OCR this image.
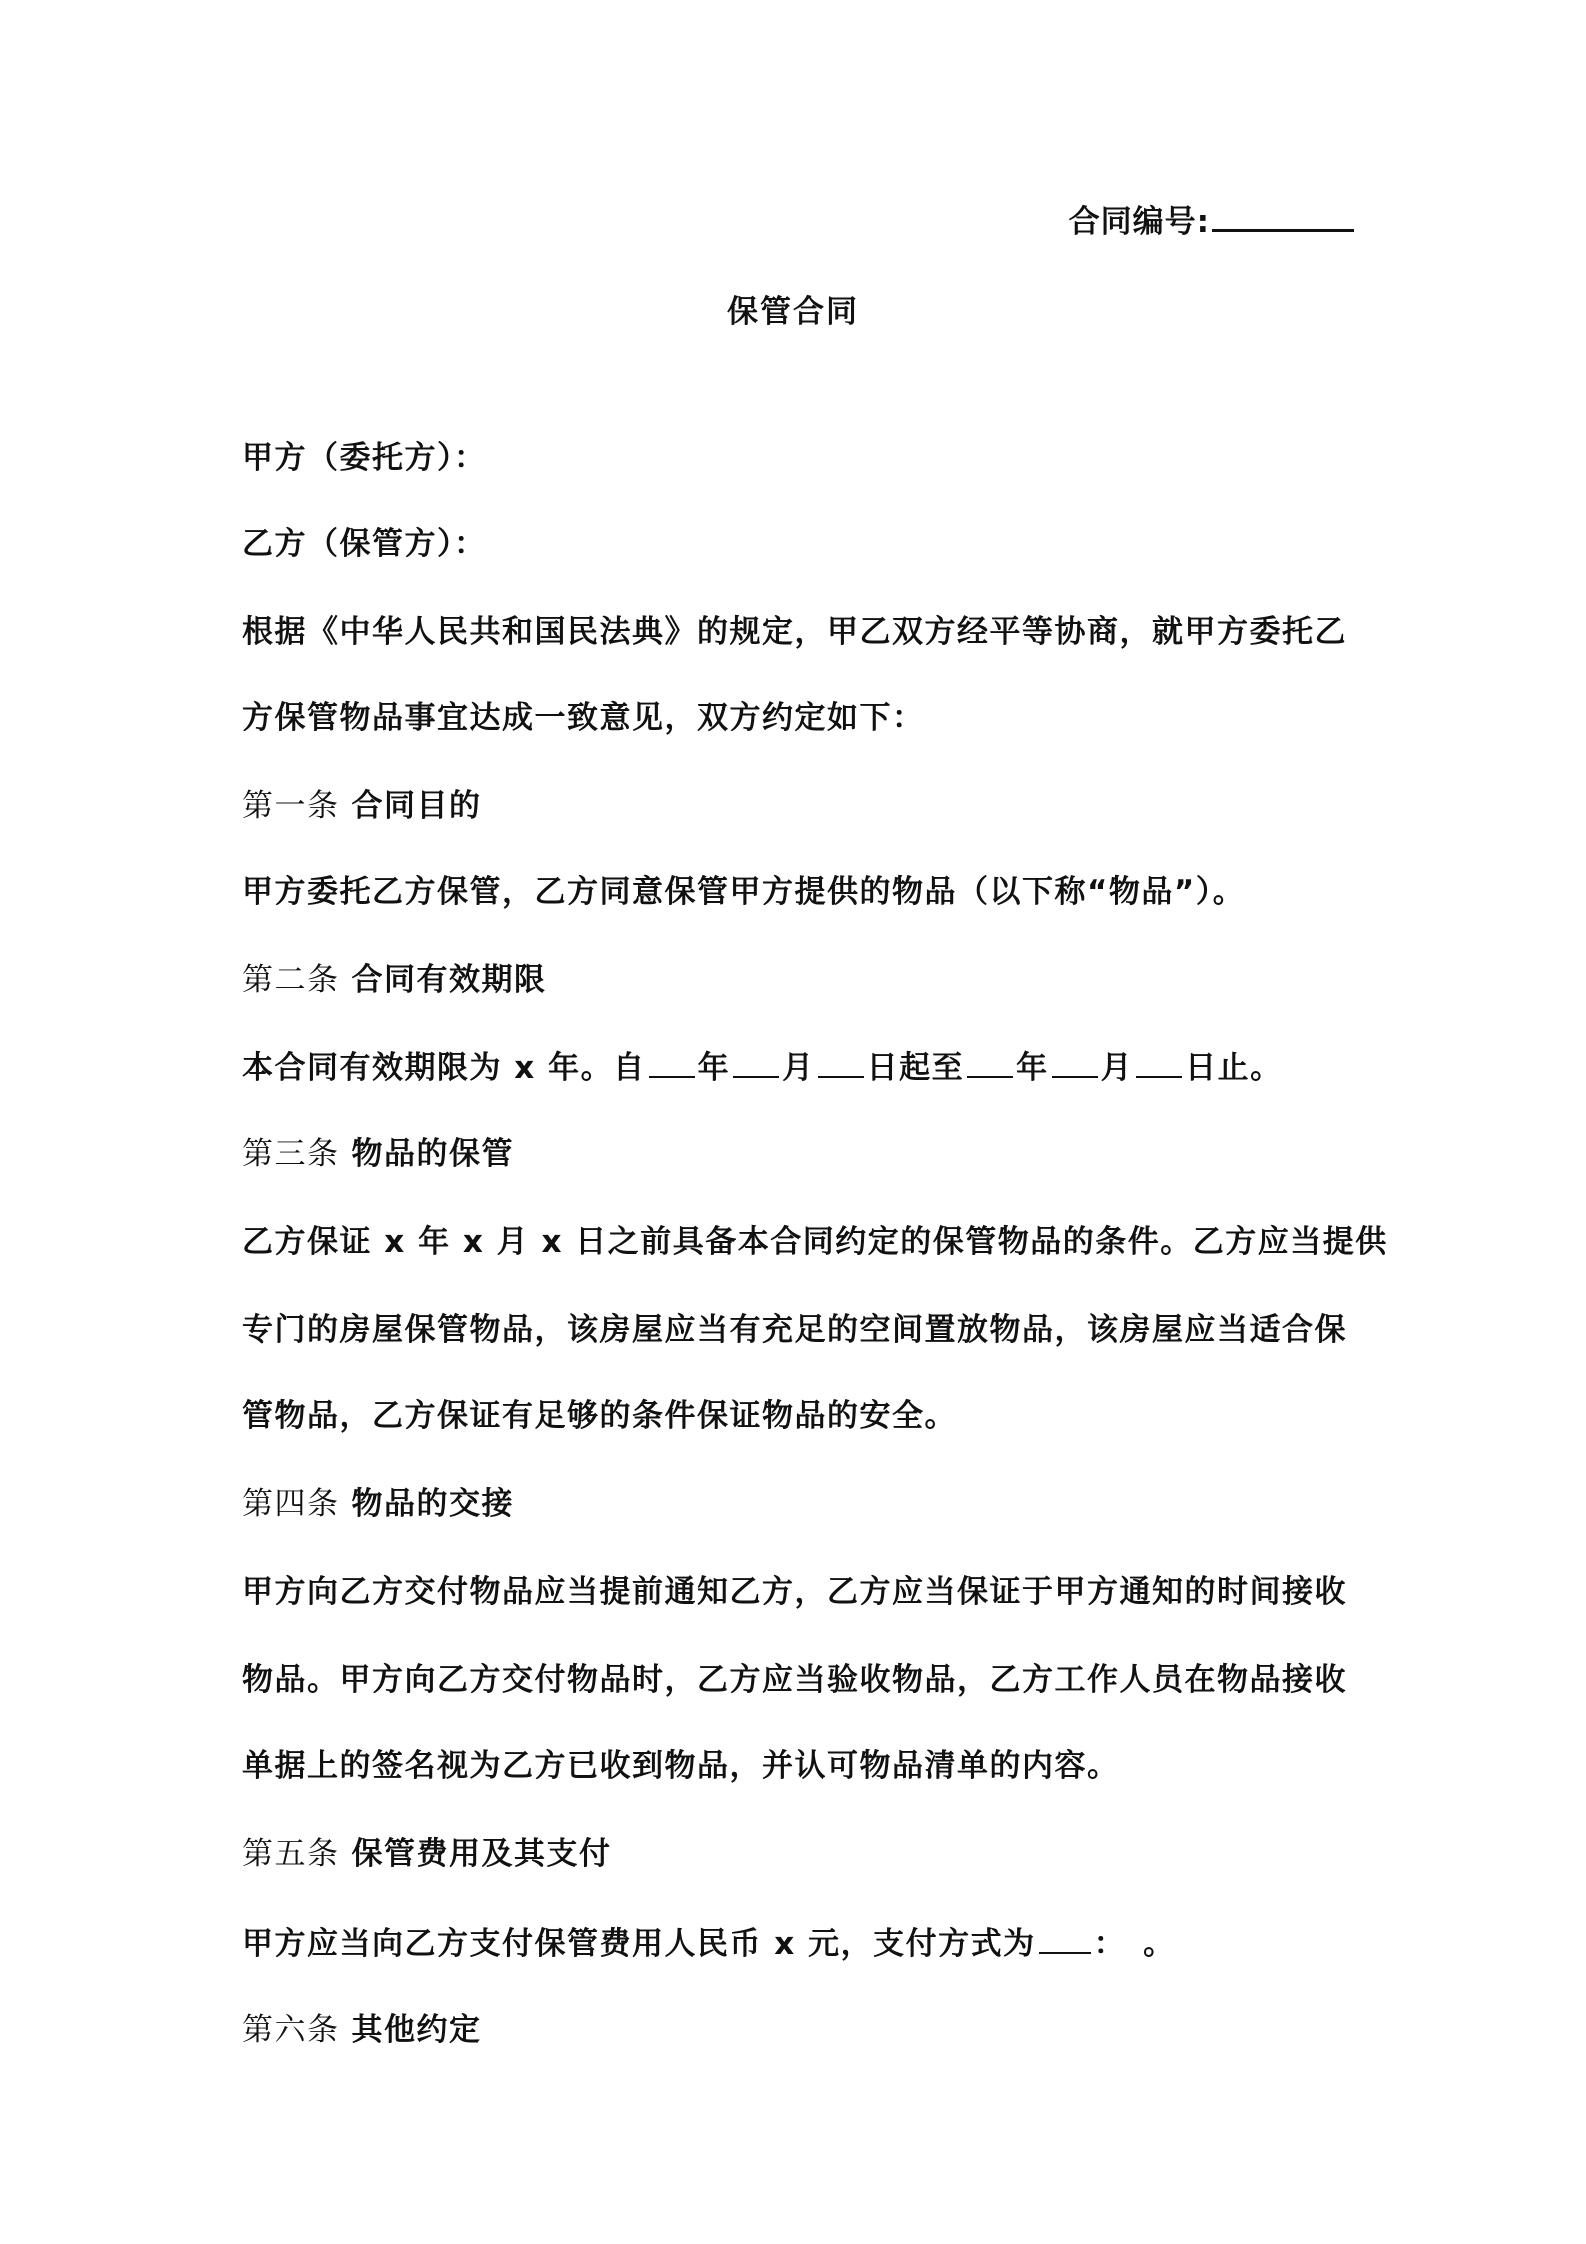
合同编号:
保管合同
甲方（委托方）：
乙方（保管方）：
根据《中华人民共和国民法典》的规定，甲乙双方经平等协商，就甲方委托乙
方保管物品事宜达成一致意见，双方约定如下：
第一条 合同目的
甲方委托乙方保管，乙方同意保管甲方提供的物品（以下称“物品”）。
第二条 合同有效期限
本合同有效期限为 x 年。自 年 月 日起至 年 月 日止。
第三条 物品的保管
乙方保证 x 年 x 月 x 日之前具备本合同约定的保管物品的条件。乙方应当提供
专门的房屋保管物品，该房屋应当有充足的空间置放物品，该房屋应当适合保
管物品，乙方保证有足够的条件保证物品的安全。
第四条 物品的交接
甲方向乙方交付物品应当提前通知乙方，乙方应当保证于甲方通知的时间接收
物品。甲方向乙方交付物品时，乙方应当验收物品，乙方工作人员在物品接收
单据上的签名视为乙方已收到物品，并认可物品清单的内容。
第五条 保管费用及其支付
甲方应当向乙方支付保管费用人民币 x 元，支付方式为 ：　。
第六条 其他约定
